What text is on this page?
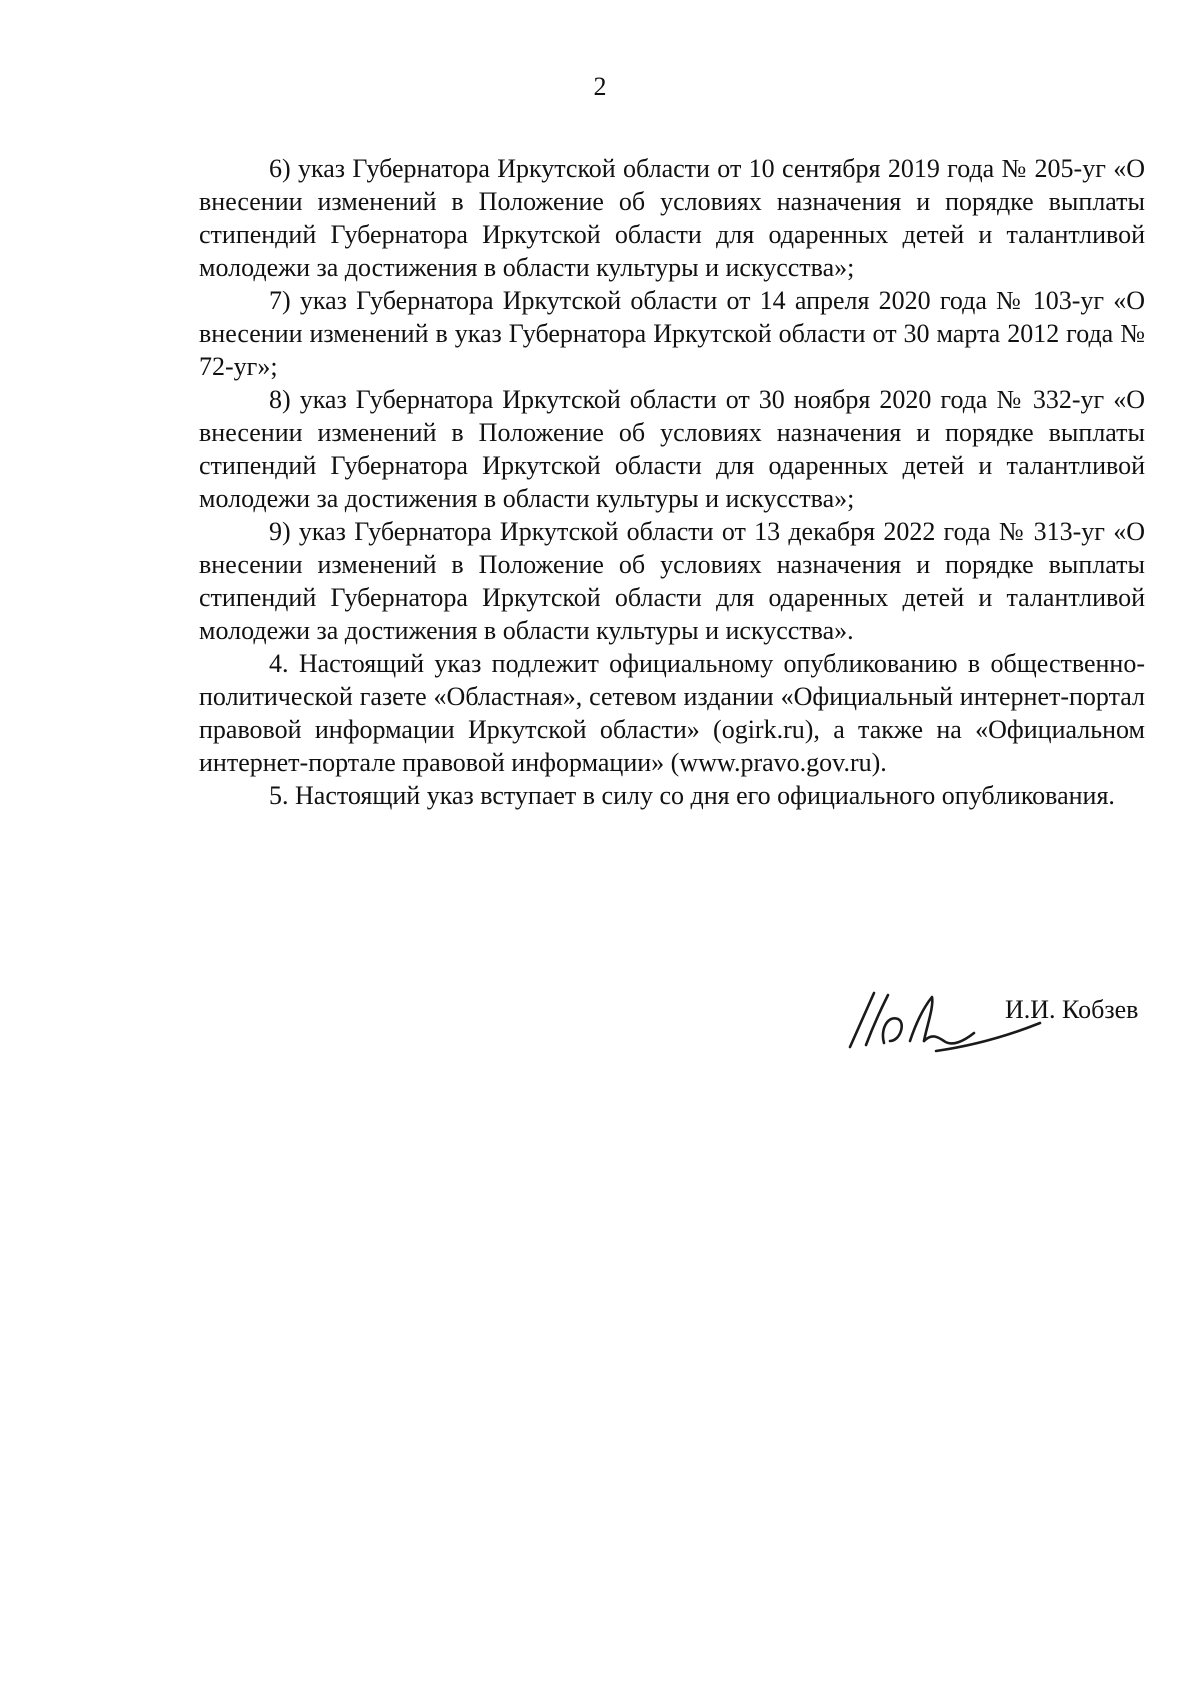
2

6) указ Губернатора Иркутской области от 10 сентября 2019 года № 205-уг «О внесении изменений в Положение об условиях назначения и порядке выплаты стипендий Губернатора Иркутской области для одаренных детей и талантливой молодежи за достижения в области культуры и искусства»;

7) указ Губернатора Иркутской области от 14 апреля 2020 года № 103-уг «О внесении изменений в указ Губернатора Иркутской области от 30 марта 2012 года № 72-уг»;

8) указ Губернатора Иркутской области от 30 ноября 2020 года № 332-уг «О внесении изменений в Положение об условиях назначения и порядке выплаты стипендий Губернатора Иркутской области для одаренных детей и талантливой молодежи за достижения в области культуры и искусства»;

9) указ Губернатора Иркутской области от 13 декабря 2022 года № 313-уг «О внесении изменений в Положение об условиях назначения и порядке выплаты стипендий Губернатора Иркутской области для одаренных детей и талантливой молодежи за достижения в области культуры и искусства».

4. Настоящий указ подлежит официальному опубликованию в общественно-политической газете «Областная», сетевом издании «Официальный интернет-портал правовой информации Иркутской области» (ogirk.ru), а также на «Официальном интернет-портале правовой информации» (www.pravo.gov.ru).

5. Настоящий указ вступает в силу со дня его официального опубликования.

И.И. Кобзев
